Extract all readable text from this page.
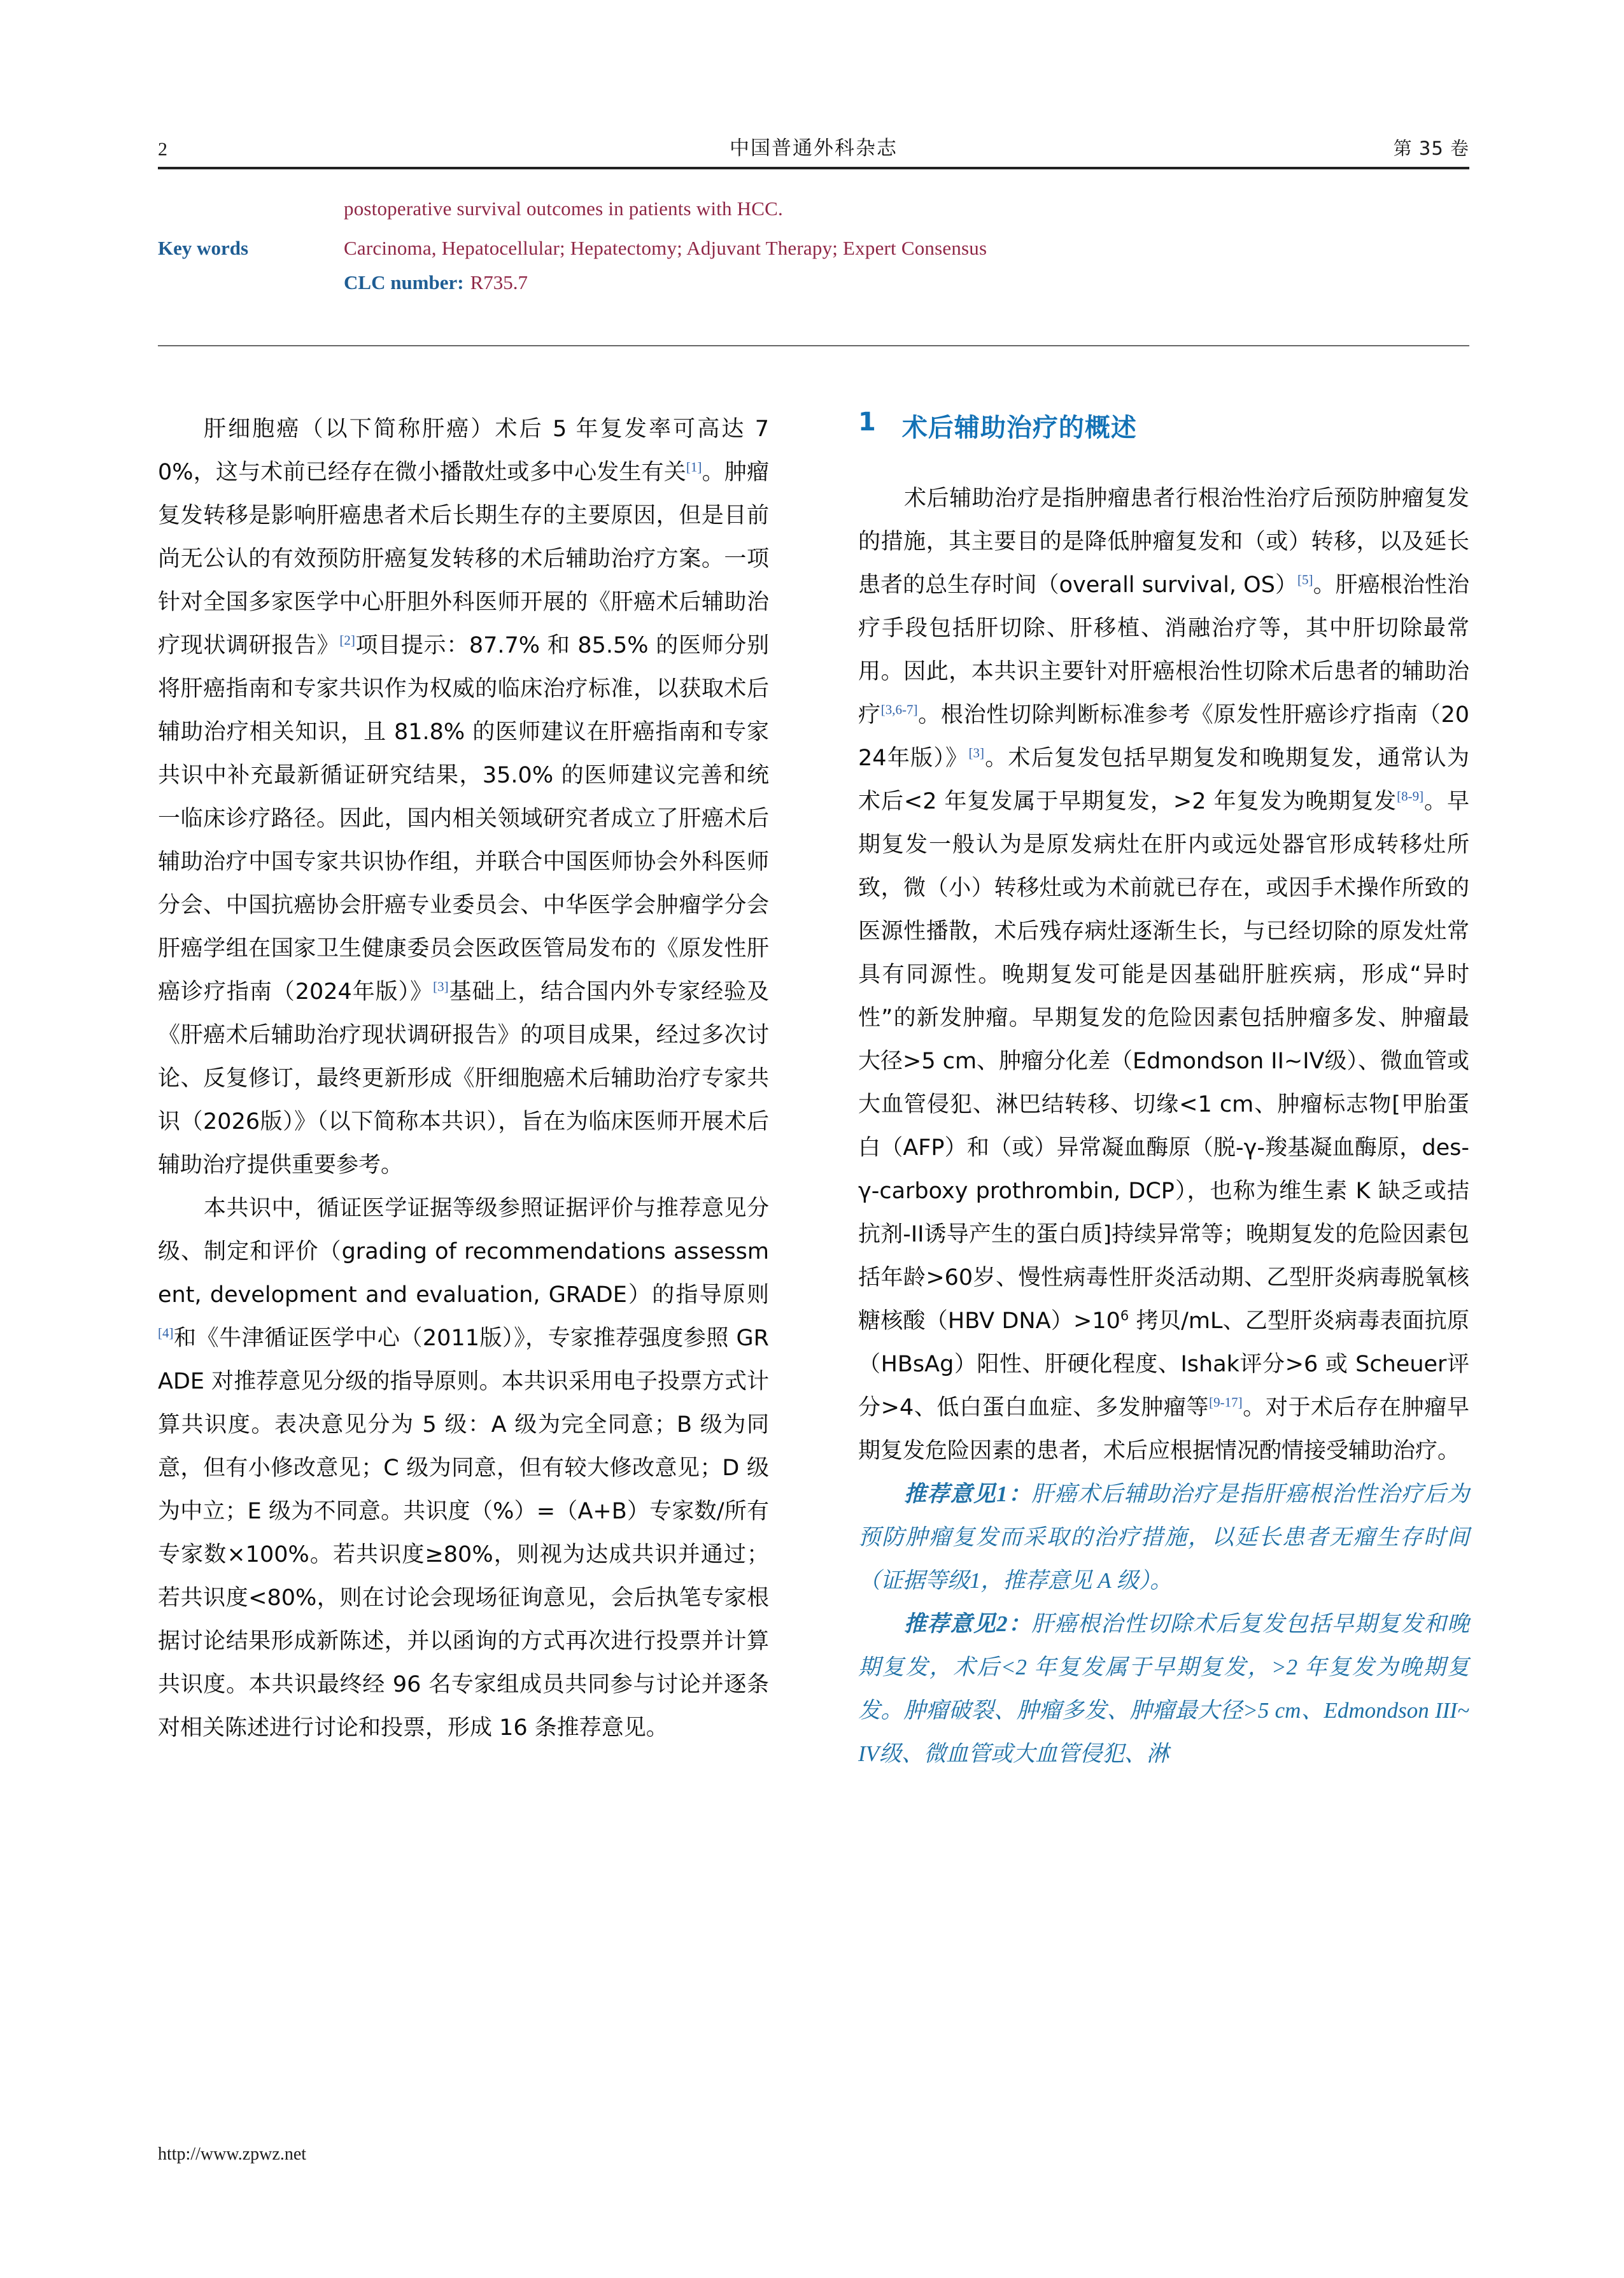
2	中国普通外科杂志	第 35 卷
postoperative survival outcomes in patients with HCC.
Key words	Carcinoma, Hepatocellular; Hepatectomy; Adjuvant Therapy; Expert Consensus
CLC number: R735.7

肝细胞癌（以下简称肝癌）术后 5 年复发率可高达 70%，这与术前已经存在微小播散灶或多中心发生有关[1]。肿瘤复发转移是影响肝癌患者术后长期生存的主要原因，但是目前尚无公认的有效预防肝癌复发转移的术后辅助治疗方案。一项针对全国多家医学中心肝胆外科医师开展的《肝癌术后辅助治疗现状调研报告》[2]项目提示：87.7% 和 85.5% 的医师分别将肝癌指南和专家共识作为权威的临床治疗标准，以获取术后辅助治疗相关知识，且 81.8% 的医师建议在肝癌指南和专家共识中补充最新循证研究结果，35.0% 的医师建议完善和统一临床诊疗路径。因此，国内相关领域研究者成立了肝癌术后辅助治疗中国专家共识协作组，并联合中国医师协会外科医师分会、中国抗癌协会肝癌专业委员会、中华医学会肿瘤学分会肝癌学组在国家卫生健康委员会医政医管局发布的《原发性肝癌诊疗指南（2024年版）》[3]基础上，结合国内外专家经验及《肝癌术后辅助治疗现状调研报告》的项目成果，经过多次讨论、反复修订，最终更新形成《肝细胞癌术后辅助治疗专家共识（2026版）》（以下简称本共识），旨在为临床医师开展术后辅助治疗提供重要参考。

本共识中，循证医学证据等级参照证据评价与推荐意见分级、制定和评价（grading of recommendations assessment, development and evaluation, GRADE）的指导原则[4]和《牛津循证医学中心（2011版）》，专家推荐强度参照 GRADE 对推荐意见分级的指导原则。本共识采用电子投票方式计算共识度。表决意见分为 5 级：A 级为完全同意；B 级为同意，但有小修改意见；C 级为同意，但有较大修改意见；D 级为中立；E 级为不同意。共识度（%）=（A+B）专家数/所有专家数×100%。若共识度≥80%，则视为达成共识并通过；若共识度<80%，则在讨论会现场征询意见，会后执笔专家根据讨论结果形成新陈述，并以函询的方式再次进行投票并计算共识度。本共识最终经 96 名专家组成员共同参与讨论并逐条对相关陈述进行讨论和投票，形成 16 条推荐意见。

1 术后辅助治疗的概述

术后辅助治疗是指肿瘤患者行根治性治疗后预防肿瘤复发的措施，其主要目的是降低肿瘤复发和（或）转移，以及延长患者的总生存时间（overall survival, OS）[5]。肝癌根治性治疗手段包括肝切除、肝移植、消融治疗等，其中肝切除最常用。因此，本共识主要针对肝癌根治性切除术后患者的辅助治疗[3,6-7]。根治性切除判断标准参考《原发性肝癌诊疗指南（2024年版）》[3]。术后复发包括早期复发和晚期复发，通常认为术后<2 年复发属于早期复发，>2 年复发为晚期复发[8-9]。早期复发一般认为是原发病灶在肝内或远处器官形成转移灶所致，微（小）转移灶或为术前就已存在，或因手术操作所致的医源性播散，术后残存病灶逐渐生长，与已经切除的原发灶常具有同源性。晚期复发可能是因基础肝脏疾病，形成“异时性”的新发肿瘤。早期复发的危险因素包括肿瘤多发、肿瘤最大径>5 cm、肿瘤分化差（Edmondson II~IV级）、微血管或大血管侵犯、淋巴结转移、切缘<1 cm、肿瘤标志物[甲胎蛋白（AFP）和（或）异常凝血酶原（脱-γ-羧基凝血酶原，des-γ-carboxy prothrombin, DCP），也称为维生素 K 缺乏或拮抗剂-II诱导产生的蛋白质]持续异常等；晚期复发的危险因素包括年龄>60岁、慢性病毒性肝炎活动期、乙型肝炎病毒脱氧核糖核酸（HBV $DNA)>10^6$ 拷贝/mL、乙型肝炎病毒表面抗原（HBsAg）阳性、肝硬化程度、Ishak评分>6 或 Scheuer评分>4、低白蛋白血症、多发肿瘤等[9-17]。对于术后存在肿瘤早期复发危险因素的患者，术后应根据情况酌情接受辅助治疗。

推荐意见1：肝癌术后辅助治疗是指肝癌根治性治疗后为预防肿瘤复发而采取的治疗措施，以延长患者无瘤生存时间（证据等级1，推荐意见 A 级）。

推荐意见2：肝癌根治性切除术后复发包括早期复发和晚期复发，术后<2 年复发属于早期复发，>2 年复发为晚期复发。肿瘤破裂、肿瘤多发、肿瘤最大径>5 cm、Edmondson III~IV级、微血管或大血管侵犯、淋

http://www.zpwz.net
